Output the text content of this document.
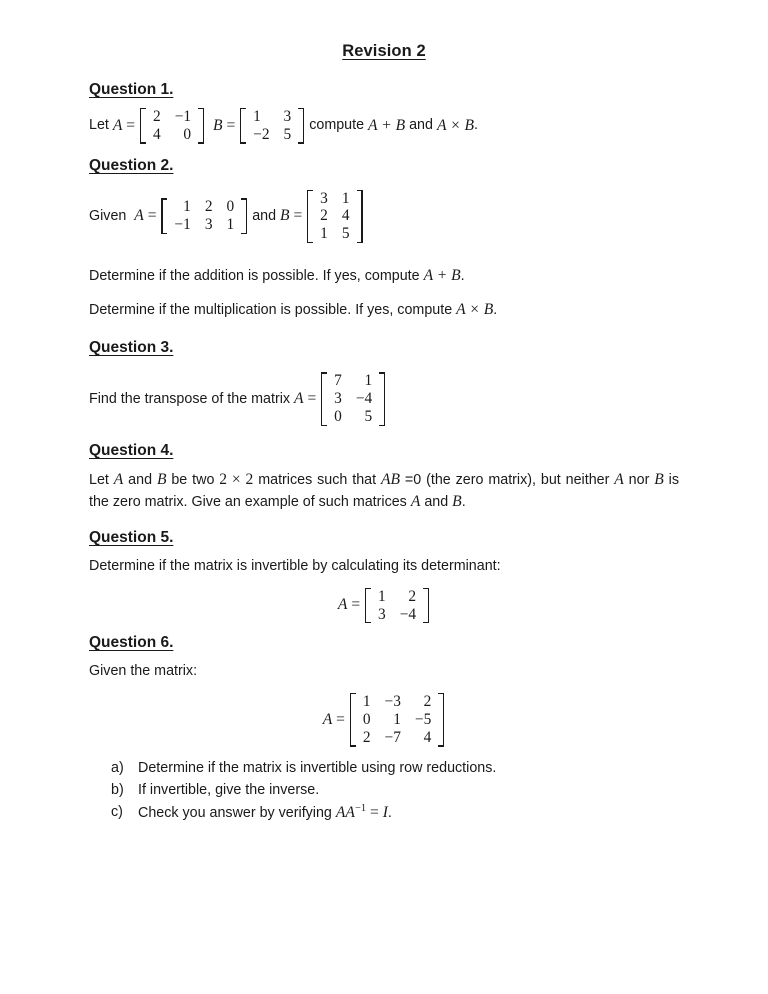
Revision 2
Question 1.
Let A =
2	−1
4	0

B =
1	3
−2	5
compute A + B and A × B .
Question 2.
Given A =
1	2	0
−1	3	1
and B =
3	1
2	4
1	5
Determine if the addition is possible. If yes, compute A + B.
Determine if the multiplication is possible. If yes, compute A × B.
Question 3.
Find the transpose of the matrix A =
7	1
3	−4
0	5
Question 4.
Let A and B be two 2 × 2 matrices such that AB =0 (the zero matrix), but neither A nor B is the zero matrix. Give an example of such matrices A and B.
Question 5.
Determine if the matrix is invertible by calculating its determinant:
A =
1	2
3	−4
Question 6.
Given the matrix:
A =
1	−3	2
0	1	−5
2	−7	4
a) Determine if the matrix is invertible using row reductions.
b) If invertible, give the inverse.
c) Check you answer by verifying $AA^{-1} = I$.
